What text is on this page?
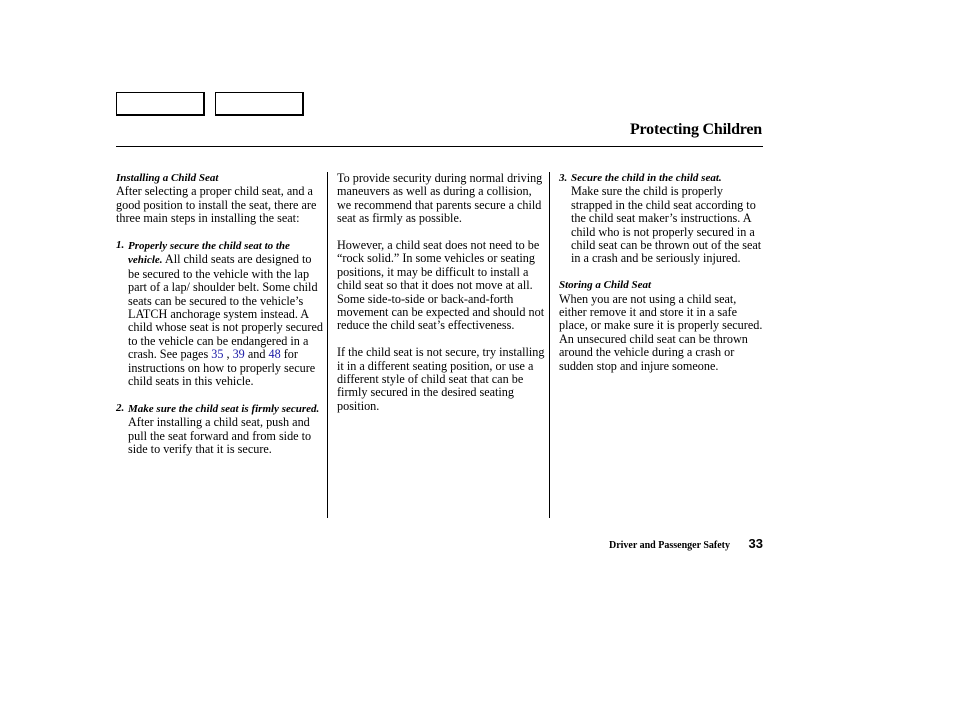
Protecting Children
Installing a Child Seat

After selecting a proper child seat, and a good position to install the seat, there are three main steps in installing the seat:

1. Properly secure the child seat to the vehicle. All child seats are designed to be secured to the vehicle with the lap part of a lap/ shoulder belt. Some child seats can be secured to the vehicle’s LATCH anchorage system instead. A child whose seat is not properly secured to the vehicle can be endangered in a crash. See pages 35 , 39 and 48 for instructions on how to properly secure child seats in this vehicle.
2. Make sure the child seat is firmly secured. After installing a child seat, push and pull the seat forward and from side to side to verify that it is secure.

To provide security during normal driving maneuvers as well as during a collision, we recommend that parents secure a child seat as firmly as possible.

However, a child seat does not need to be “rock solid.” In some vehicles or seating positions, it may be difficult to install a child seat so that it does not move at all. Some side-to-side or back-and-forth movement can be expected and should not reduce the child seat’s effectiveness.

If the child seat is not secure, try installing it in a different seating position, or use a different style of child seat that can be firmly secured in the desired seating position.

3. Secure the child in the child seat.
Make sure the child is properly strapped in the child seat according to the child seat maker’s instructions. A child who is not properly secured in a child seat can be thrown out of the seat in a crash and be seriously injured.
Storing a Child Seat

When you are not using a child seat, either remove it and store it in a safe place, or make sure it is properly secured. An unsecured child seat can be thrown around the vehicle during a crash or sudden stop and injure someone.

Driver and Passenger Safety 33
